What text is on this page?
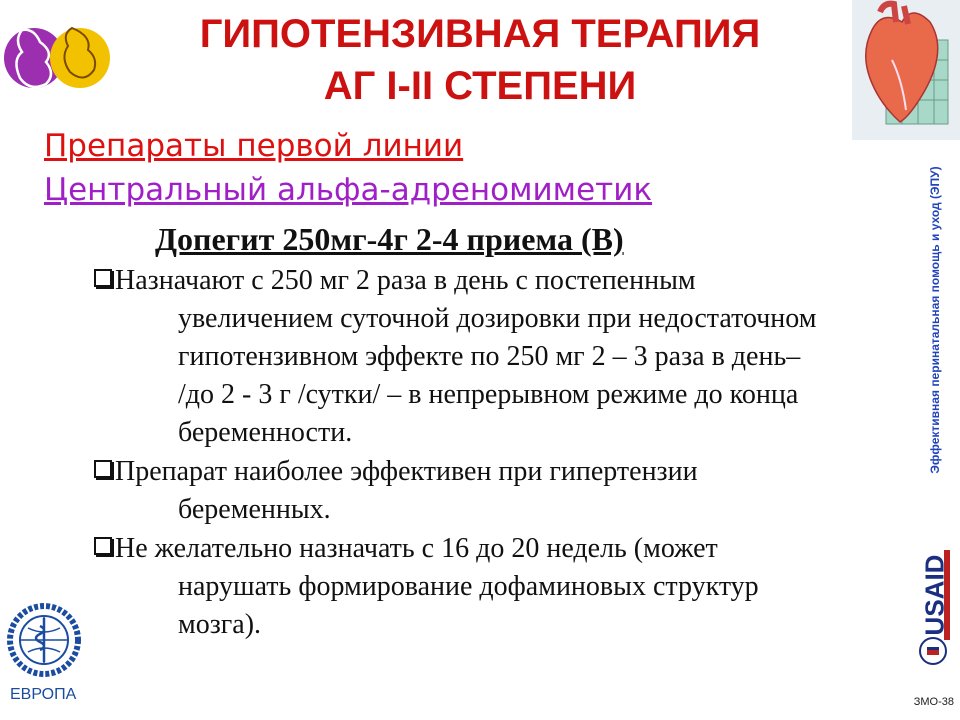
ГИПОТЕНЗИВНАЯ ТЕРАПИЯ
АГ I-II СТЕПЕНИ
Препараты первой линии
Центральный альфа-адреномиметик
Допегит 250мг-4г 2-4 приема (В)
Назначают с 250 мг 2 раза в день с постепенным
увеличением суточной дозировки при недостаточном
гипотензивном эффекте по 250 мг 2 – 3 раза в день–
/до 2 - 3 г /сутки/ – в непрерывном режиме до конца
беременности.
Препарат наиболее эффективен при гипертензии
беременных.
Не желательно назначать с 16 до 20 недель (может
нарушать формирование дофаминовых структур
мозга).
Эффективная перинатальная помощь и уход (ЭПУ)
USAID
ЕВРОПА	ЗМО-38
